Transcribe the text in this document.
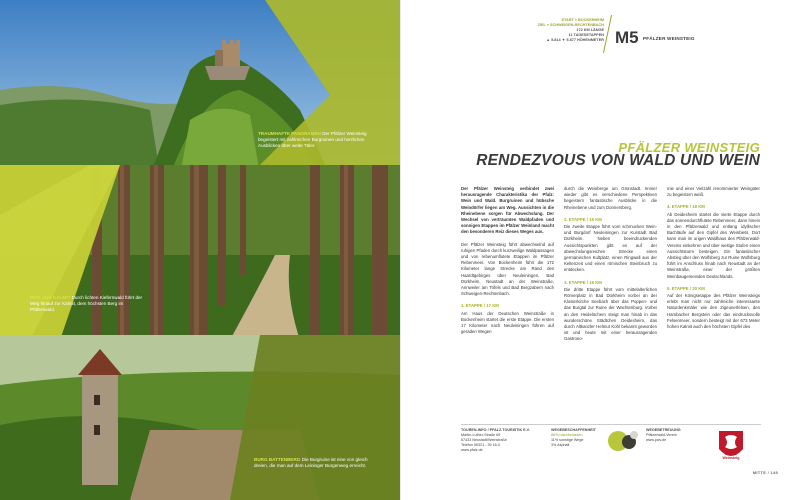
TRAUMHAFTE PANORAMEN Der Pfälzer Weinsteig begeistert mit zahlreichen Burgruinen und herrlichen Ausblicken über weite Täler.
WEG ZUR KALMIT Durch lichten Kiefernwald führt der Weg hinauf zur Kalmit, dem höchsten Berg im Pfälzerwald.
BURG BATTENBERG Die Burgruine ist eine von gleich dreien, die man auf dem Leininger Burgenweg erreicht.
START » BOCKENHEIM
ZIEL » SCHWEIGEN-RECHTENBACH
172 KM LÄNGE
11 TAGESETAPPEN
▲ 5.814 ▼ 5.877 HÖHENMETER M5 PFÄLZER WEINSTEIG
PFÄLZER WEINSTEIG
RENDEZVOUS VON WALD UND WEIN

Der Pfälzer Weinsteig verbindet zwei herausragende Charakteristika der Pfalz: Wein und Wald. Burgruinen und hübsche Weindörfer liegen am Weg. Aussichten in die Rheinebene sorgen für Abwechslung. Der Wechsel von verträumten Waldpfaden und sonnigen Etappen im Pfälzer Weinland macht den besonderen Reiz dieses Weges aus.

Der Pfälzer Weinsteig führt abwechselnd auf ruhigen Pfaden durch kurzweilige Waldpassagen und von rebenumflutete Etappen im Pfälzer Rebenmeer. Von Bockenheim führt die 172 Kilometer lange Strecke am Rand des Haardtgebirges über Neuleiningen, Bad Dürkheim, Neustadt an der Weinstraße, Annweiler am Trifels und Bad Bergzabern nach Schweigen-Rechtenbach.

1. ETAPPE / 17 KM

Am Haus der Deutschen Weinstraße in Bockenheim startet die erste Etappe. Die ersten 17 Kilometer nach Neuleiningen führen auf geraden Wegen

durch die Weinberge um Grünstadt. Immer wieder gibt es verschiedene Perspektiven begeistern fantastische Ausblicke in die Rheinebene und zum Donnersberg.

2. ETAPPE / 16 KM

Die zweite Etappe führt vom schmucken Wein- und Burgdorf Neuleiningen zur Kurstadt Bad Dürkheim. Neben beeindruckenden Aussichtspunkten gibt es auf der abwechslungsreichen Strecke einen germanischen Kultplatz, einen Ringwall aus der Keltenzeit und einen römischen Steinbruch zu entdecken.

3. ETAPPE / 16 KM

Die dritte Etappe führt vom mittelalterlichen Römerplatz in Bad Dürkheim vorbei an der Klosterkirche Seebach über das Poppen- und das Burgtal zur Ruine der Wachtenburg. Vorbei an den Heidelöchern steigt man hinab in das wunderschöne Städtchen Deidesheim, das durch Altkanzler Helmut Kohl bekannt geworden ist und heute mit einer herausragenden Gastrono-

mie und einer Vielzahl renommierter Weingüter zu begeistern weiß.

4. ETAPPE / 18 KM

Ab Deidesheim startet die vierte Etappe durch das sonnendurchflutete Rebenmeer, dann hinein in den Pfälzerwald und entlang idyllischer Bachläufe auf den Gipfel des Weinbiets. Dort kann man im urigen Waldhaus des Pfälzerwald-Vereins einkehren und über weitige Stufen einen Aussichtsturm besteigen. Ein fantastischer Abstieg über den Wolfsberg zur Ruine Wolfsburg führt im Anschluss hinab nach Neustadt an der Weinstraße, einer der größten Weinbaugemeinden Deutschlands.

5. ETAPPE / 20 KM

Auf der Königsetappe des Pfälzer Weinsteigs erlebt man nicht nur zahlreiche interessante Naturdenkmäler wie den Zigeunerfelsen, den Hambacher Bergstein oder das eindrucksvolle Felsenmeer, sondern besteigt mit der 673 Meter hohen Kalmit auch den höchsten Gipfel des

TOUREN-INFO / PFALZ.TOURISTIK E.V.
Martin-Luther-Straße 69
67433 Neustadt/Weinstraße
Telefon 06321 - 39 16-0
www.pfalz.de
WEGEBESCHAFFENHEIT
86% naturbelassen
11% sonstige Wege
3% Asphalt
WEGEBETREUUNG
Pfälzerwald-Verein
www.pwv.de
Pfälzer
Weinsteig
MITTE / 149
